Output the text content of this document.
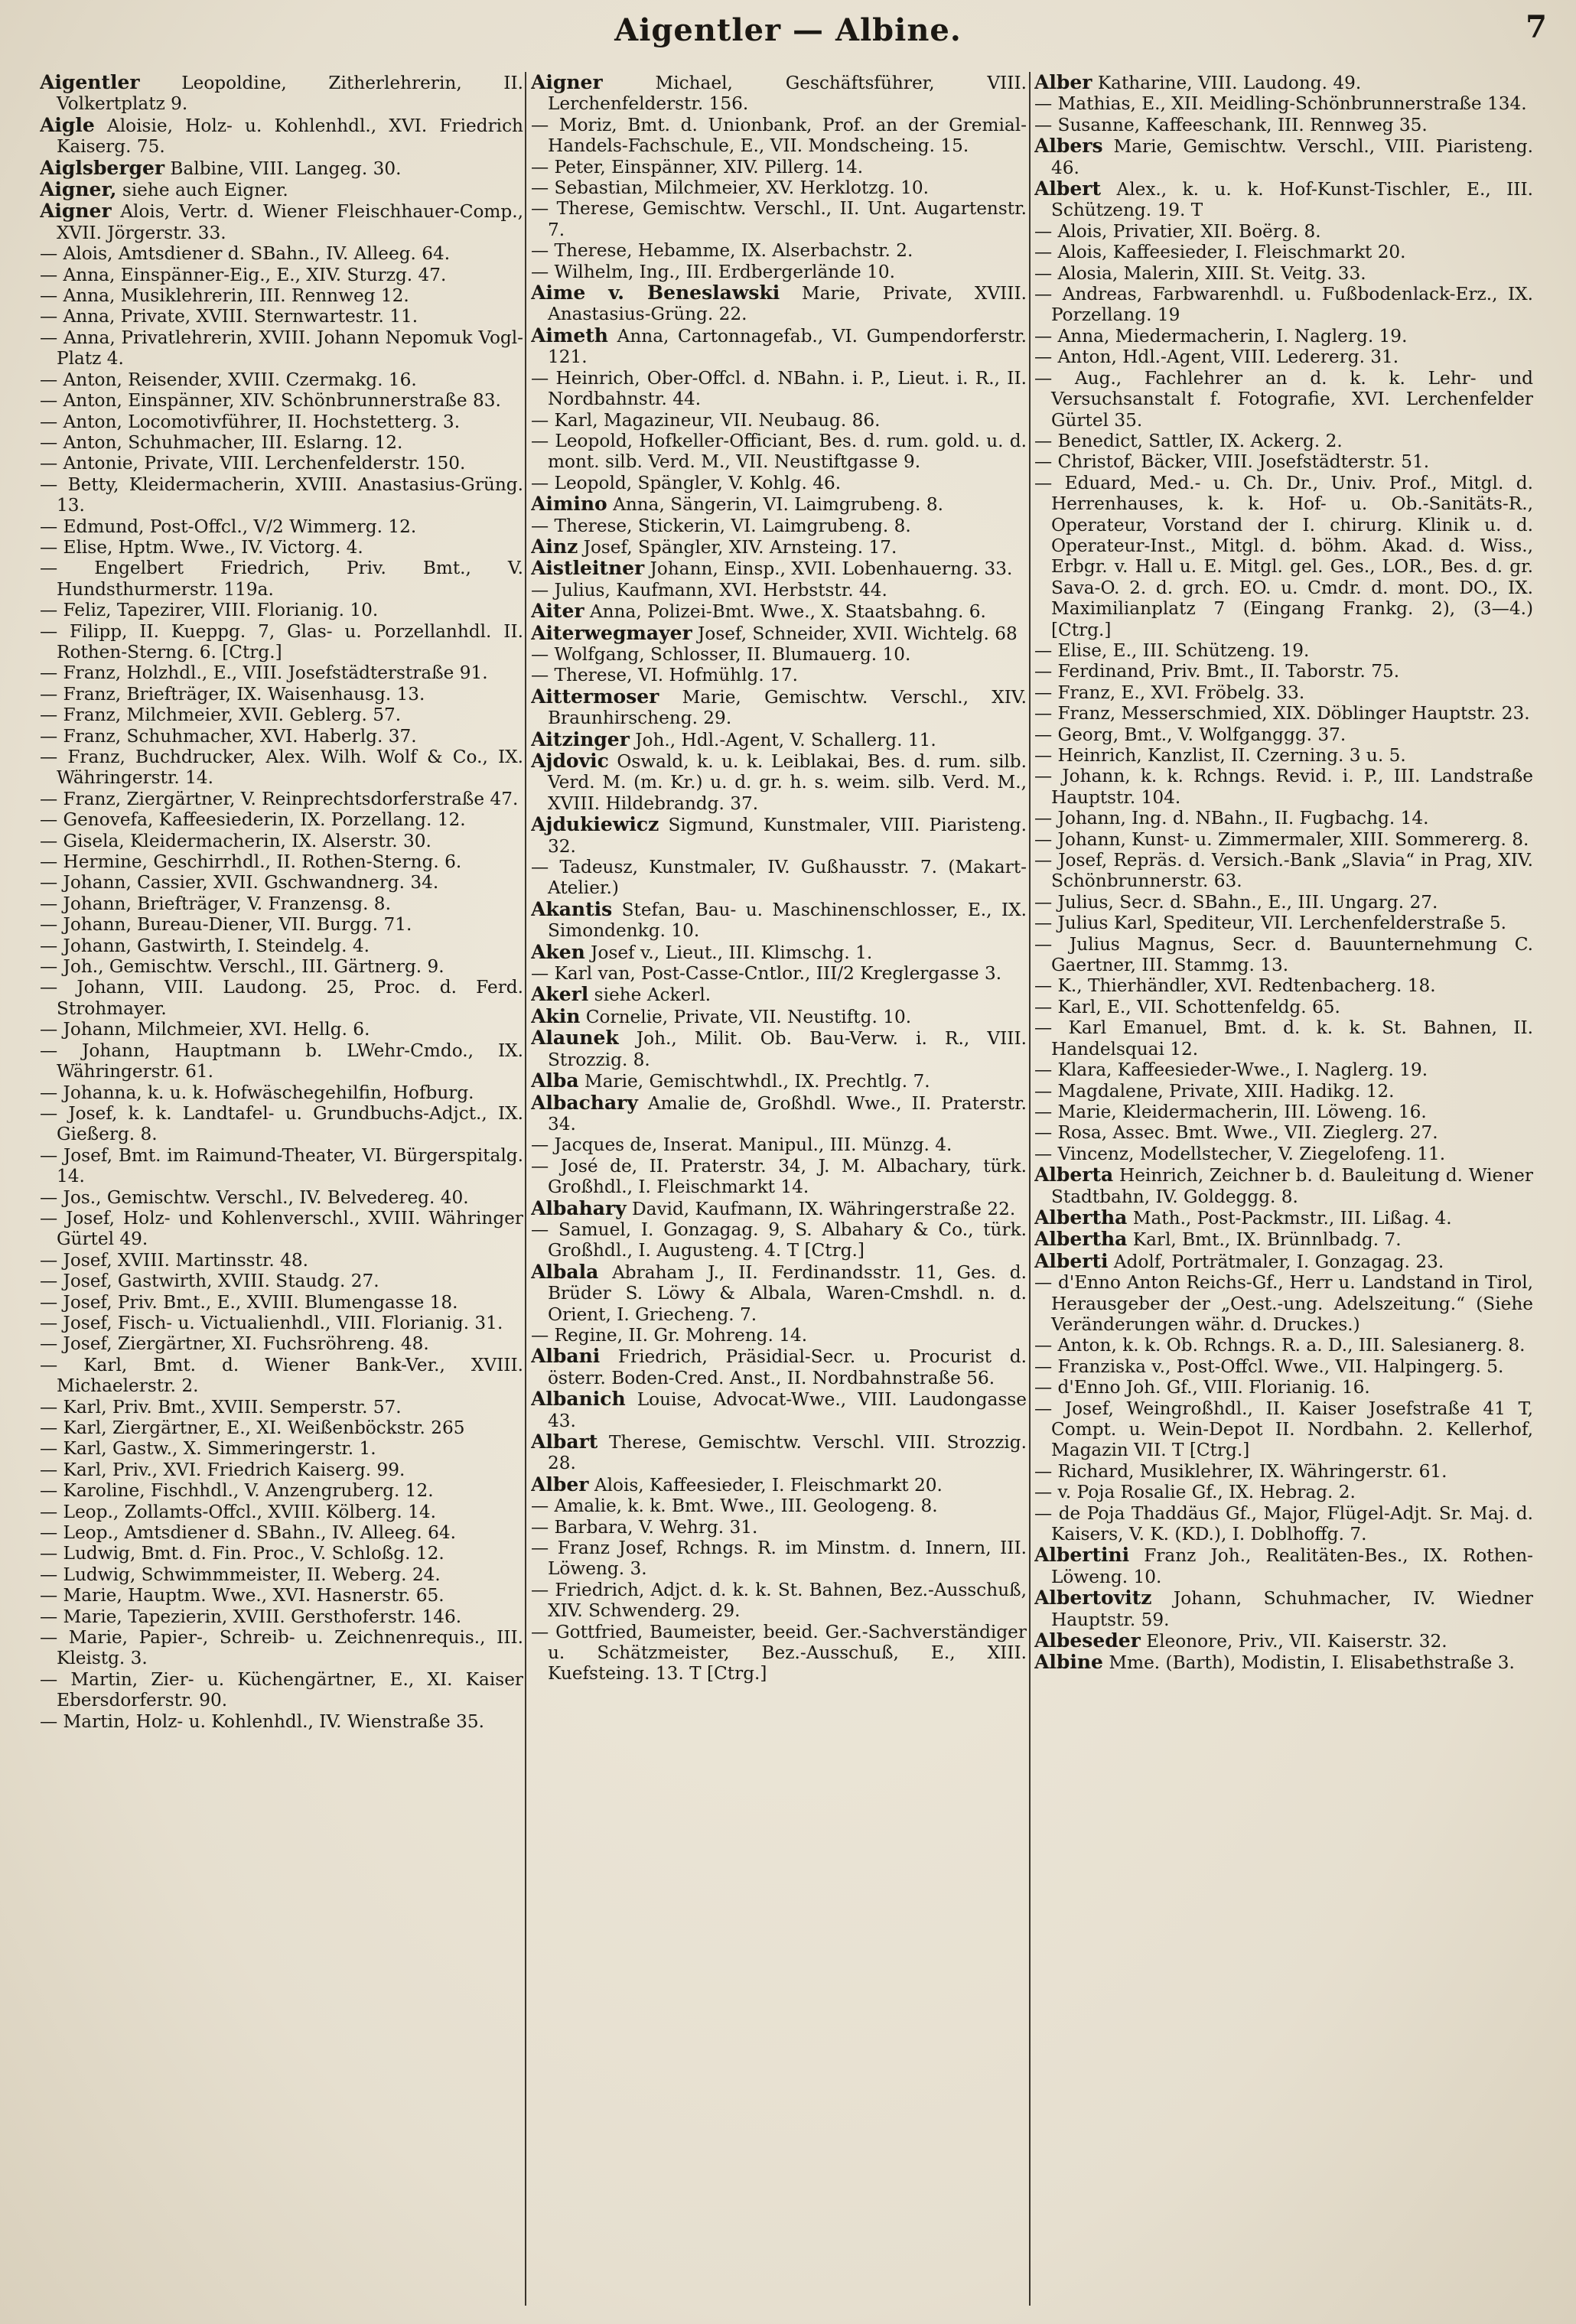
Aigentler — Albine.	7

Aigentler Leopoldine, Zitherlehrerin, II. Volkertplatz 9.

Aigle Aloisie, Holz- u. Kohlenhdl., XVI. Friedrich Kaiserg. 75.

Aiglsberger Balbine, VIII. Langeg. 30.

Aigner, siehe auch Eigner.

Aigner Alois, Vertr. d. Wiener Fleischhauer-Comp., XVII. Jörgerstr. 33.

— Alois, Amtsdiener d. SBahn., IV. Alleeg. 64.

— Anna, Einspänner-Eig., E., XIV. Sturzg. 47.

— Anna, Musiklehrerin, III. Rennweg 12.

— Anna, Private, XVIII. Sternwartestr. 11.

— Anna, Privatlehrerin, XVIII. Johann Nepomuk Vogl-Platz 4.

— Anton, Reisender, XVIII. Czermakg. 16.

— Anton, Einspänner, XIV. Schönbrunnerstraße 83.

— Anton, Locomotivführer, II. Hochstetterg. 3.

— Anton, Schuhmacher, III. Eslarng. 12.

— Antonie, Private, VIII. Lerchenfelderstr. 150.

— Betty, Kleidermacherin, XVIII. Anastasius-Grüng. 13.

— Edmund, Post-Offcl., V/2 Wimmerg. 12.

— Elise, Hptm. Wwe., IV. Victorg. 4.

— Engelbert Friedrich, Priv. Bmt., V. Hundsthurmerstr. 119a.

— Feliz, Tapezirer, VIII. Florianig. 10.

— Filipp, II. Kueppg. 7, Glas- u. Porzellanhdl. II. Rothen-Sterng. 6. [Ctrg.]

— Franz, Holzhdl., E., VIII. Josefstädterstraße 91.

— Franz, Briefträger, IX. Waisenhausg. 13.

— Franz, Milchmeier, XVII. Geblerg. 57.

— Franz, Schuhmacher, XVI. Haberlg. 37.

— Franz, Buchdrucker, Alex. Wilh. Wolf & Co., IX. Währingerstr. 14.

— Franz, Ziergärtner, V. Reinprechtsdorferstraße 47.

— Genovefa, Kaffeesiederin, IX. Porzellang. 12.

— Gisela, Kleidermacherin, IX. Alserstr. 30.

— Hermine, Geschirrhdl., II. Rothen-Sterng. 6.

— Johann, Cassier, XVII. Gschwandnerg. 34.

— Johann, Briefträger, V. Franzensg. 8.

— Johann, Bureau-Diener, VII. Burgg. 71.

— Johann, Gastwirth, I. Steindelg. 4.

— Joh., Gemischtw. Verschl., III. Gärtnerg. 9.

— Johann, VIII. Laudong. 25, Proc. d. Ferd. Strohmayer.

— Johann, Milchmeier, XVI. Hellg. 6.

— Johann, Hauptmann b. LWehr-Cmdo., IX. Währingerstr. 61.

— Johanna, k. u. k. Hofwäschegehilfin, Hofburg.

— Josef, k. k. Landtafel- u. Grundbuchs-Adjct., IX. Gießerg. 8.

— Josef, Bmt. im Raimund-Theater, VI. Bürgerspitalg. 14.

— Jos., Gemischtw. Verschl., IV. Belvedereg. 40.

— Josef, Holz- und Kohlenverschl., XVIII. Währinger Gürtel 49.

— Josef, XVIII. Martinsstr. 48.

— Josef, Gastwirth, XVIII. Staudg. 27.

— Josef, Priv. Bmt., E., XVIII. Blumengasse 18.

— Josef, Fisch- u. Victualienhdl., VIII. Florianig. 31.

— Josef, Ziergärtner, XI. Fuchsröhreng. 48.

— Karl, Bmt. d. Wiener Bank-Ver., XVIII. Michaelerstr. 2.

— Karl, Priv. Bmt., XVIII. Semperstr. 57.

— Karl, Ziergärtner, E., XI. Weißenböckstr. 265

— Karl, Gastw., X. Simmeringerstr. 1.

— Karl, Priv., XVI. Friedrich Kaiserg. 99.

— Karoline, Fischhdl., V. Anzengruberg. 12.

— Leop., Zollamts-Offcl., XVIII. Kölberg. 14.

— Leop., Amtsdiener d. SBahn., IV. Alleeg. 64.

— Ludwig, Bmt. d. Fin. Proc., V. Schloßg. 12.

— Ludwig, Schwimmmeister, II. Weberg. 24.

— Marie, Hauptm. Wwe., XVI. Hasnerstr. 65.

— Marie, Tapezierin, XVIII. Gersthoferstr. 146.

— Marie, Papier-, Schreib- u. Zeichnenrequis., III. Kleistg. 3.

— Martin, Zier- u. Küchengärtner, E., XI. Kaiser Ebersdorferstr. 90.

— Martin, Holz- u. Kohlenhdl., IV. Wienstraße 35.

Aigner Michael, Geschäftsführer, VIII. Lerchenfelderstr. 156.

— Moriz, Bmt. d. Unionbank, Prof. an der Gremial-Handels-Fachschule, E., VII. Mondscheing. 15.

— Peter, Einspänner, XIV. Pillerg. 14.

— Sebastian, Milchmeier, XV. Herklotzg. 10.

— Therese, Gemischtw. Verschl., II. Unt. Augartenstr. 7.

— Therese, Hebamme, IX. Alserbachstr. 2.

— Wilhelm, Ing., III. Erdbergerlände 10.

Aime v. Beneslawski Marie, Private, XVIII. Anastasius-Grüng. 22.

Aimeth Anna, Cartonnagefab., VI. Gumpendorferstr. 121.

— Heinrich, Ober-Offcl. d. NBahn. i. P., Lieut. i. R., II. Nordbahnstr. 44.

— Karl, Magazineur, VII. Neubaug. 86.

— Leopold, Hofkeller-Officiant, Bes. d. rum. gold. u. d. mont. silb. Verd. M., VII. Neustiftgasse 9.

— Leopold, Spängler, V. Kohlg. 46.

Aimino Anna, Sängerin, VI. Laimgrubeng. 8.

— Therese, Stickerin, VI. Laimgrubeng. 8.

Ainz Josef, Spängler, XIV. Arnsteing. 17.

Aistleitner Johann, Einsp., XVII. Lobenhauerng. 33.

— Julius, Kaufmann, XVI. Herbststr. 44.

Aiter Anna, Polizei-Bmt. Wwe., X. Staatsbahng. 6.

Aiterwegmayer Josef, Schneider, XVII. Wichtelg. 68

— Wolfgang, Schlosser, II. Blumauerg. 10.

— Therese, VI. Hofmühlg. 17.

Aittermoser Marie, Gemischtw. Verschl., XIV. Braunhirscheng. 29.

Aitzinger Joh., Hdl.-Agent, V. Schallerg. 11.

Ajdovic Oswald, k. u. k. Leiblakai, Bes. d. rum. silb. Verd. M. (m. Kr.) u. d. gr. h. s. weim. silb. Verd. M., XVIII. Hildebrandg. 37.

Ajdukiewicz Sigmund, Kunstmaler, VIII. Piaristeng. 32.

— Tadeusz, Kunstmaler, IV. Gußhausstr. 7. (Makart-Atelier.)

Akantis Stefan, Bau- u. Maschinenschlosser, E., IX. Simondenkg. 10.

Aken Josef v., Lieut., III. Klimschg. 1.

— Karl van, Post-Casse-Cntlor., III/2 Kreglergasse 3.

Akerl siehe Ackerl.

Akin Cornelie, Private, VII. Neustiftg. 10.

Alaunek Joh., Milit. Ob. Bau-Verw. i. R., VIII. Strozzig. 8.

Alba Marie, Gemischtwhdl., IX. Prechtlg. 7.

Albachary Amalie de, Großhdl. Wwe., II. Praterstr. 34.

— Jacques de, Inserat. Manipul., III. Münzg. 4.

— José de, II. Praterstr. 34, J. M. Albachary, türk. Großhdl., I. Fleischmarkt 14.

Albahary David, Kaufmann, IX. Währingerstraße 22.

— Samuel, I. Gonzagag. 9, S. Albahary & Co., türk. Großhdl., I. Augusteng. 4. T [Ctrg.]

Albala Abraham J., II. Ferdinandsstr. 11, Ges. d. Brüder S. Löwy & Albala, Waren-Cmshdl. n. d. Orient, I. Griecheng. 7.

— Regine, II. Gr. Mohreng. 14.

Albani Friedrich, Präsidial-Secr. u. Procurist d. österr. Boden-Cred. Anst., II. Nordbahnstraße 56.

Albanich Louise, Advocat-Wwe., VIII. Laudongasse 43.

Albart Therese, Gemischtw. Verschl. VIII. Strozzig. 28.

Alber Alois, Kaffeesieder, I. Fleischmarkt 20.

— Amalie, k. k. Bmt. Wwe., III. Geologeng. 8.

— Barbara, V. Wehrg. 31.

— Franz Josef, Rchngs. R. im Minstm. d. Innern, III. Löweng. 3.

— Friedrich, Adjct. d. k. k. St. Bahnen, Bez.-Ausschuß, XIV. Schwenderg. 29.

— Gottfried, Baumeister, beeid. Ger.-Sachverständiger u. Schätzmeister, Bez.-Ausschuß, E., XIII. Kuefsteing. 13. T [Ctrg.]

Alber Katharine, VIII. Laudong. 49.

— Mathias, E., XII. Meidling-Schönbrunnerstraße 134.

— Susanne, Kaffeeschank, III. Rennweg 35.

Albers Marie, Gemischtw. Verschl., VIII. Piaristeng. 46.

Albert Alex., k. u. k. Hof-Kunst-Tischler, E., III. Schützeng. 19. T

— Alois, Privatier, XII. Boërg. 8.

— Alois, Kaffeesieder, I. Fleischmarkt 20.

— Alosia, Malerin, XIII. St. Veitg. 33.

— Andreas, Farbwarenhdl. u. Fußbodenlack-Erz., IX. Porzellang. 19

— Anna, Miedermacherin, I. Naglerg. 19.

— Anton, Hdl.-Agent, VIII. Ledererg. 31.

— Aug., Fachlehrer an d. k. k. Lehr- und Versuchsanstalt f. Fotografie, XVI. Lerchenfelder Gürtel 35.

— Benedict, Sattler, IX. Ackerg. 2.

— Christof, Bäcker, VIII. Josefstädterstr. 51.

— Eduard, Med.- u. Ch. Dr., Univ. Prof., Mitgl. d. Herrenhauses, k. k. Hof- u. Ob.-Sanitäts-R., Operateur, Vorstand der I. chirurg. Klinik u. d. Operateur-Inst., Mitgl. d. böhm. Akad. d. Wiss., Erbgr. v. Hall u. E. Mitgl. gel. Ges., LOR., Bes. d. gr. Sava-O. 2. d. grch. EO. u. Cmdr. d. mont. DO., IX. Maximilianplatz 7 (Eingang Frankg. 2), (3—4.) [Ctrg.]

— Elise, E., III. Schützeng. 19.

— Ferdinand, Priv. Bmt., II. Taborstr. 75.

— Franz, E., XVI. Fröbelg. 33.

— Franz, Messerschmied, XIX. Döblinger Hauptstr. 23.

— Georg, Bmt., V. Wolfganggg. 37.

— Heinrich, Kanzlist, II. Czerning. 3 u. 5.

— Johann, k. k. Rchngs. Revid. i. P., III. Landstraße Hauptstr. 104.

— Johann, Ing. d. NBahn., II. Fugbachg. 14.

— Johann, Kunst- u. Zimmermaler, XIII. Sommererg. 8.

— Josef, Repräs. d. Versich.-Bank „Slavia“ in Prag, XIV. Schönbrunnerstr. 63.

— Julius, Secr. d. SBahn., E., III. Ungarg. 27.

— Julius Karl, Spediteur, VII. Lerchenfelderstraße 5.

— Julius Magnus, Secr. d. Bauunternehmung C. Gaertner, III. Stammg. 13.

— K., Thierhändler, XVI. Redtenbacherg. 18.

— Karl, E., VII. Schottenfeldg. 65.

— Karl Emanuel, Bmt. d. k. k. St. Bahnen, II. Handelsquai 12.

— Klara, Kaffeesieder-Wwe., I. Naglerg. 19.

— Magdalene, Private, XIII. Hadikg. 12.

— Marie, Kleidermacherin, III. Löweng. 16.

— Rosa, Assec. Bmt. Wwe., VII. Zieglerg. 27.

— Vincenz, Modellstecher, V. Ziegelofeng. 11.

Alberta Heinrich, Zeichner b. d. Bauleitung d. Wiener Stadtbahn, IV. Goldeggg. 8.

Albertha Math., Post-Packmstr., III. Lißag. 4.

Albertha Karl, Bmt., IX. Brünnlbadg. 7.

Alberti Adolf, Porträtmaler, I. Gonzagag. 23.

— d'Enno Anton Reichs-Gf., Herr u. Landstand in Tirol, Herausgeber der „Oest.-ung. Adelszeitung.“ (Siehe Veränderungen währ. d. Druckes.)

— Anton, k. k. Ob. Rchngs. R. a. D., III. Salesianerg. 8.

— Franziska v., Post-Offcl. Wwe., VII. Halpingerg. 5.

— d'Enno Joh. Gf., VIII. Florianig. 16.

— Josef, Weingroßhdl., II. Kaiser Josefstraße 41 T, Compt. u. Wein-Depot II. Nordbahn. 2. Kellerhof, Magazin VII. T [Ctrg.]

— Richard, Musiklehrer, IX. Währingerstr. 61.

— v. Poja Rosalie Gf., IX. Hebrag. 2.

— de Poja Thaddäus Gf., Major, Flügel-Adjt. Sr. Maj. d. Kaisers, V. K. (KD.), I. Doblhoffg. 7.

Albertini Franz Joh., Realitäten-Bes., IX. Rothen-Löweng. 10.

Albertovitz Johann, Schuhmacher, IV. Wiedner Hauptstr. 59.

Albeseder Eleonore, Priv., VII. Kaiserstr. 32.

Albine Mme. (Barth), Modistin, I. Elisabethstraße 3.
